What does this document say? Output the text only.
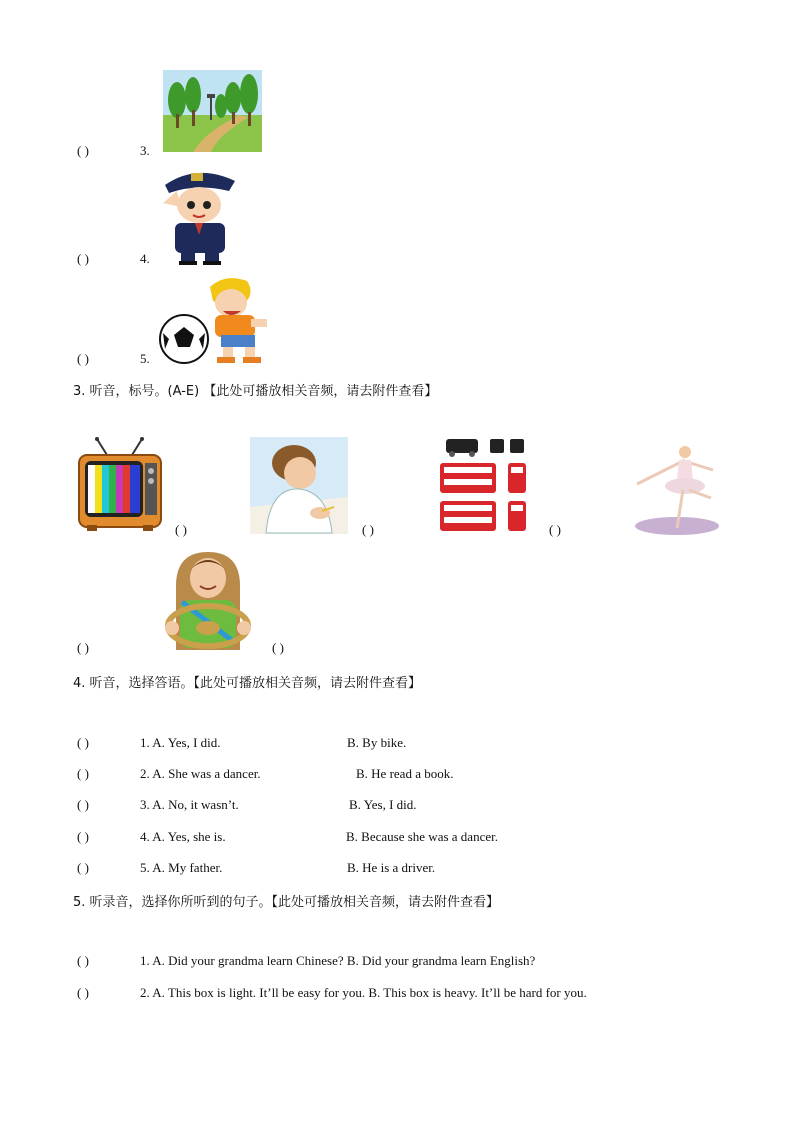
( )	3.
( )	4.
( )	5.
3. 听音，标号。(A-E) 【此处可播放相关音频，请去附件查看】
( )	( )	( )
( )	( )
4. 听音，选择答语。【此处可播放相关音频，请去附件查看】
( )	1. A. Yes, I did.	B. By bike.
( )	2. A. She was a dancer.	B. He read a book.
( )	3. A. No, it wasn’t.	B. Yes, I did.
( )	4. A. Yes, she is.	B. Because she was a dancer.
( )	5. A. My father.	B. He is a driver.
5. 听录音，选择你所听到的句子。【此处可播放相关音频，请去附件查看】
( )	1. A. Did your grandma learn Chinese? B. Did your grandma learn English?
( )	2. A. This box is light. It’ll be easy for you. B. This box is heavy. It’ll be hard for you.
